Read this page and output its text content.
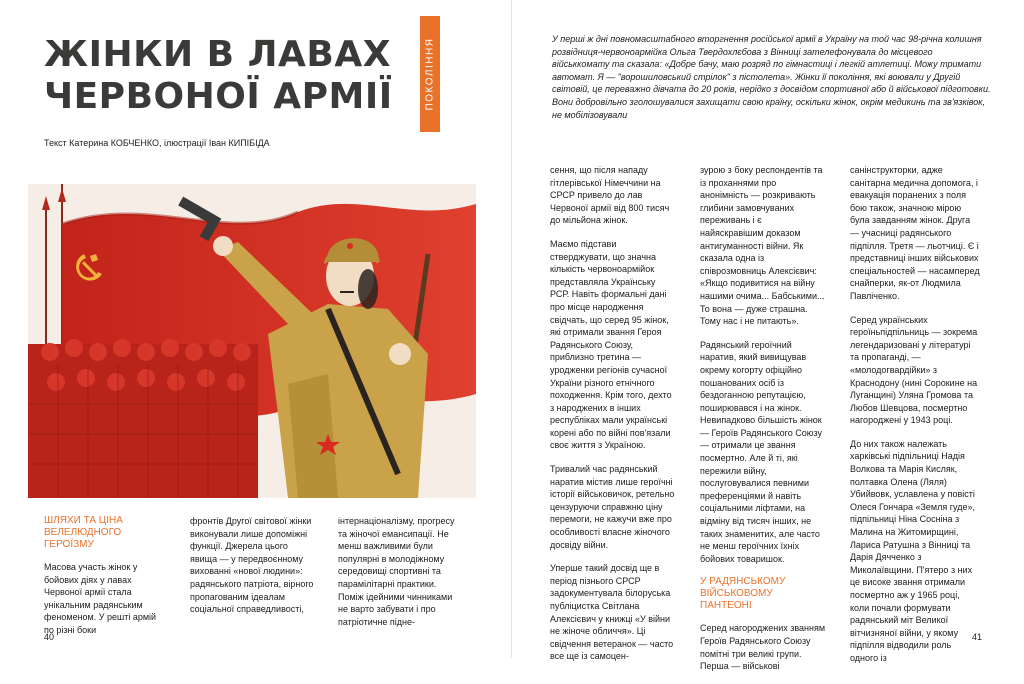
ЖІНКИ В ЛАВАХ
ЧЕРВОНОЇ АРМІЇ	ПОКОЛІННЯ
Текст Катерина КОБЧЕНКО, ілюстрації Іван КИПІБІДА
ШЛЯХИ ТА ЦІНА ВЕЛЕЛЮДНОГО ГЕРОЇЗМУ

Масова участь жінок у бойових діях у лавах Червоної армії стала унікальним радянським феноменом. У решті армій по різні боки

фронтів Другої світової жінки виконували лише допоміжні функції. Джерела цього явища — у передвоєнному вихованні «нової людини»: радянського патріота, вірного пропагованим ідеалам соціальної справедливості,

інтернаціоналізму, прогресу та жіночої емансипації. Не менш важливими були популярні в молодіжному середовищі спортивні та парамілітарні практики. Поміж ідейними чинниками не варто забувати і про патріотичне підне-

40
У перші ж дні повномасштабного вторгнення російської армії в Україну на той час 98-річна колишня розвідниця-червоноармійка Ольга Твердохлєбова з Вінниці зателефонувала до місцевого військкомату та сказала: «Добре бачу, маю розряд по гімнастиці і легкій атлетиці. Можу тримати автомат. Я — "ворошиловський стрілок" з пістолета». Жінки її покоління, які воювали у Другій світовій, це переважно дівчата до 20 років, нерідко з досвідом спортивної або й військової підготовки. Вони добровільно зголошувалися захищати свою країну, оскільки жінок, окрім медикинь та зв'язківок, не мобілізовували

сення, що після нападу гітлерівської Німеччини на СРСР привело до лав Червоної армії від 800 тисяч до мільйона жінок.

Маємо підстави стверджувати, що значна кількість червоноармійок представляла Українську РСР. Навіть формальні дані про місце народження свідчать, що серед 95 жінок, які отримали звання Героя Радянського Союзу, приблизно третина — уродженки регіонів сучасної України різного етнічного походження. Крім того, дехто з народжених в інших республіках мали українські корені або по війні пов'язали своє життя з Україною.

Тривалий час радянський наратив містив лише героїчні історії військовичок, ретельно цензуруючи справжню ціну перемоги, не кажучи вже про особливості власне жіночого досвіду війни.

Уперше такий досвід ще в період пізнього СРСР задокументувала білоруська публіцистка Світлана Алексієвич у книжці «У війни не жіноче обличчя». Ці свідчення ветеранок — часто все ще із самоцен-

зурою з боку респондентів та із проханнями про анонімність — розкривають глибини замовчуваних переживань і є найяскравішим доказом антигуманності війни. Як сказала одна із співрозмовниць Алексієвич: «Якщо подивитися на війну нашими очима... Бабськими... То вона — дуже страшна. Тому нас і не питають».

Радянський героїчний наратив, який вивищував окрему когорту офіційно пошанованих осіб із бездоганною репутацією, поширювався і на жінок. Невипадково більшість жінок — Героїв Радянського Союзу — отримали це звання посмертно. Але й ті, які пережили війну, послуговувалися певними преференціями й навіть соціальними ліфтами, на відміну від тисяч інших, не таких знаменитих, але часто не менш героїчних їхніх бойових товаришок.

У РАДЯНСЬКОМУ ВІЙСЬКОВОМУ ПАНТЕОНІ

Серед нагороджених званням Героїв Радянського Союзу помітні три великі групи. Перша — військові

санінструкторки, адже санітарна медична допомога, і евакуація поранених з поля бою також, значною мірою була завданням жінок. Друга — учасниці радянського підпілля. Третя — льотчиці. Є і представниці інших військових спеціальностей — насамперед снайперки, як-от Людмила Павліченко.

Серед українських героїньпідпільниць — зокрема легендаризовані у літературі та пропаганді, — «молодогвардійки» з Краснодону (нині Сорокине на Луганщині) Уляна Громова та Любов Шевцова, посмертно нагороджені у 1943 році.

До них також належать харківські підпільниці Надія Волкова та Марія Кисляк, полтавка Олена (Ляля) Убийвовк, уславлена у повісті Олеся Гончара «Земля гуде», підпільниці Ніна Сосніна з Малина на Житомирщині, Лариса Ратушна з Вінниці та Дарія Дячченко з Миколаївщини. П'ятеро з них це високе звання отримали посмертно аж у 1965 році, коли почали формувати радянський міт Великої вітчизняної війни, у якому підпілля відводили роль одного із

41
